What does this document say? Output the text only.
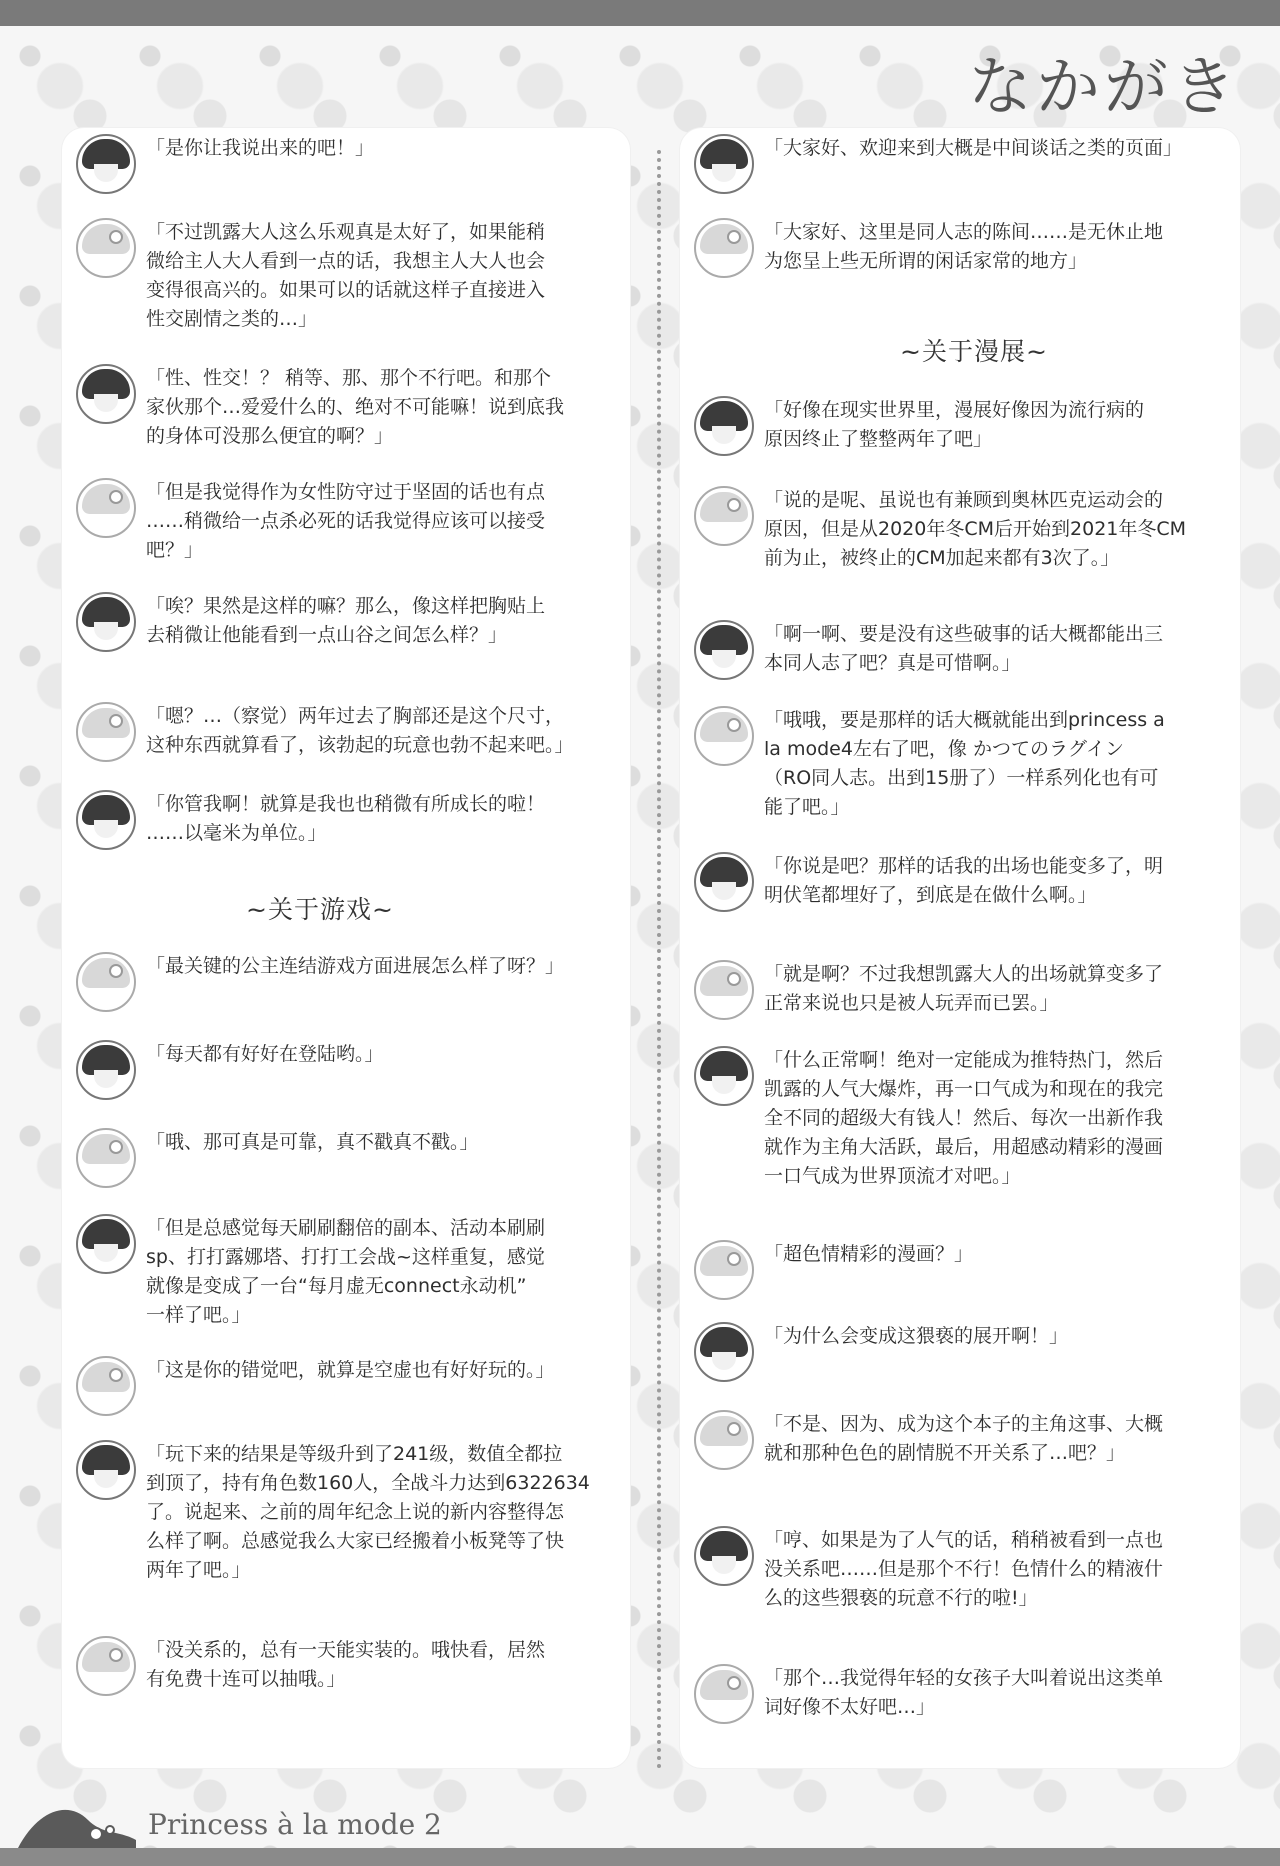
なかがき
「是你让我说出来的吧！」
「不过凯露大人这么乐观真是太好了，如果能稍
微给主人大人看到一点的话，我想主人大人也会
变得很高兴的。如果可以的话就这样子直接进入
性交剧情之类的…」
「性、性交！？ 稍等、那、那个不行吧。和那个
家伙那个…爱爱什么的、绝对不可能嘛！说到底我
的身体可没那么便宜的啊？」
「但是我觉得作为女性防守过于坚固的话也有点
……稍微给一点杀必死的话我觉得应该可以接受
吧？」
「唉？果然是这样的嘛？那么，像这样把胸贴上
去稍微让他能看到一点山谷之间怎么样？」
「嗯？…（察觉）两年过去了胸部还是这个尺寸，
这种东西就算看了，该勃起的玩意也勃不起来吧。」
「你管我啊！就算是我也也稍微有所成长的啦！
……以毫米为单位。」
~关于游戏~
「最关键的公主连结游戏方面进展怎么样了呀？」
「每天都有好好在登陆哟。」
「哦、那可真是可靠，真不戳真不戳。」
「但是总感觉每天刷刷翻倍的副本、活动本刷刷
sp、打打露娜塔、打打工会战~这样重复，感觉
就像是变成了一台“每月虚无connect永动机”
一样了吧。」
「这是你的错觉吧，就算是空虚也有好好玩的。」
「玩下来的结果是等级升到了241级，数值全都拉
到顶了，持有角色数160人，全战斗力达到6322634
了。说起来、之前的周年纪念上说的新内容整得怎
么样了啊。总感觉我么大家已经搬着小板凳等了快
两年了吧。」
「没关系的，总有一天能实装的。哦快看，居然
有免费十连可以抽哦。」
「大家好、欢迎来到大概是中间谈话之类的页面」
「大家好、这里是同人志的陈间……是无休止地
为您呈上些无所谓的闲话家常的地方」
~关于漫展~
「好像在现实世界里，漫展好像因为流行病的
原因终止了整整两年了吧」
「说的是呢、虽说也有兼顾到奥林匹克运动会的
原因，但是从2020年冬CM后开始到2021年冬CM
前为止，被终止的CM加起来都有3次了。」
「啊一啊、要是没有这些破事的话大概都能出三
本同人志了吧？真是可惜啊。」
「哦哦，要是那样的话大概就能出到princess a
la mode4左右了吧，像 かつてのラグイン
（RO同人志。出到15册了）一样系列化也有可
能了吧。」
「你说是吧？那样的话我的出场也能变多了，明
明伏笔都埋好了，到底是在做什么啊。」
「就是啊？不过我想凯露大人的出场就算变多了
正常来说也只是被人玩弄而已罢。」
「什么正常啊！绝对一定能成为推特热门，然后
凯露的人气大爆炸，再一口气成为和现在的我完
全不同的超级大有钱人！然后、每次一出新作我
就作为主角大活跃，最后，用超感动精彩的漫画
一口气成为世界顶流才对吧。」
「超色情精彩的漫画？」
「为什么会变成这猥亵的展开啊！」
「不是、因为、成为这个本子的主角这事、大概
就和那种色色的剧情脱不开关系了…吧？」
「哼、如果是为了人气的话，稍稍被看到一点也
没关系吧……但是那个不行！色情什么的精液什
么的这些猥亵的玩意不行的啦!」
「那个…我觉得年轻的女孩子大叫着说出这类单
词好像不太好吧…」
Princess à la mode 2
